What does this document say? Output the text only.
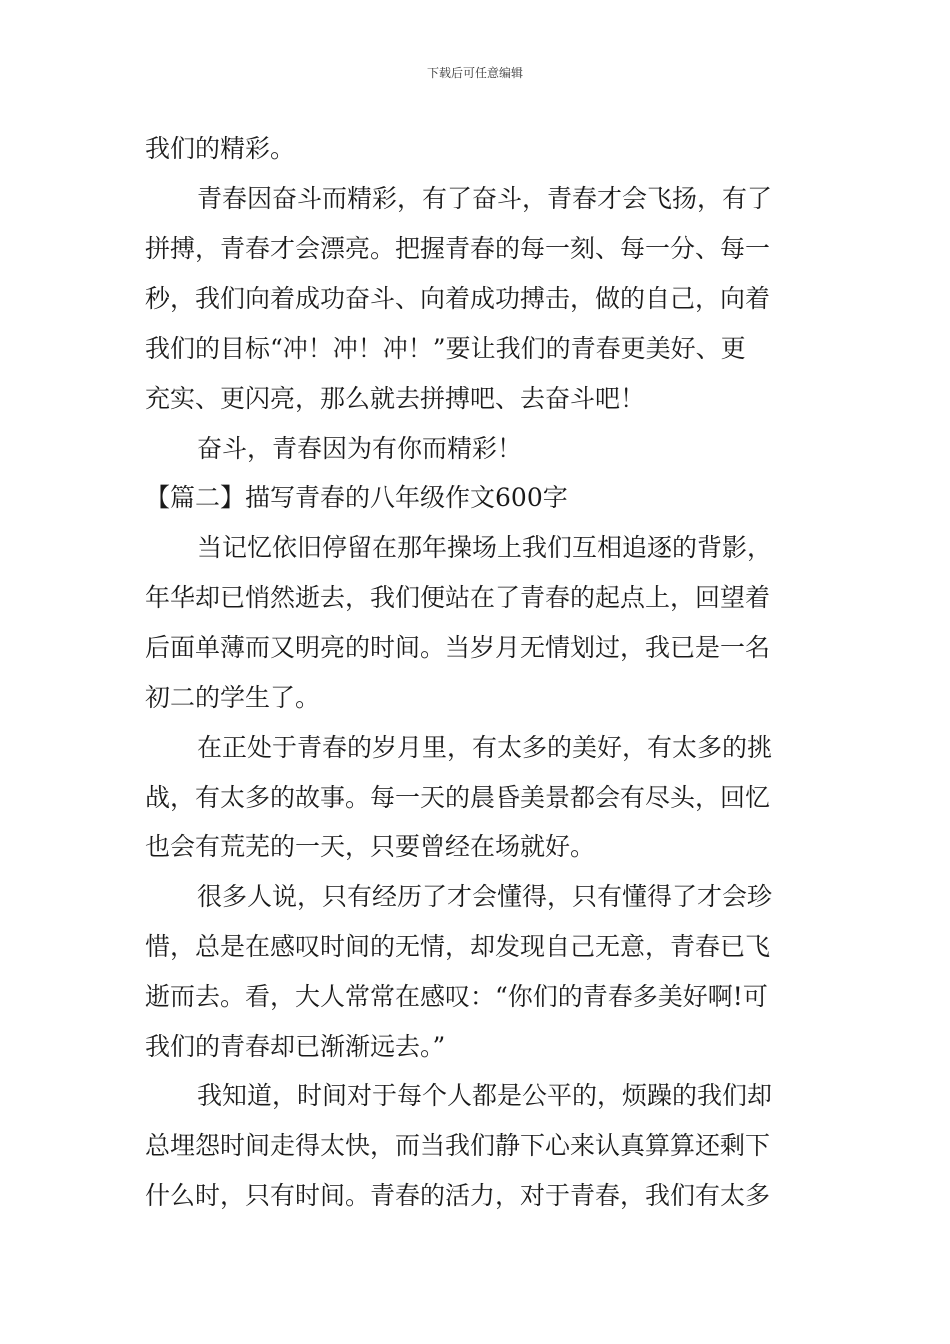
下载后可任意编辑
我们的精彩。
青春因奋斗而精彩，有了奋斗，青春才会飞扬，有了
拼搏，青春才会漂亮。把握青春的每一刻、每一分、每一
秒，我们向着成功奋斗、向着成功搏击，做的自己，向着
我们的目标“冲！冲！冲！”要让我们的青春更美好、更
充实、更闪亮，那么就去拼搏吧、去奋斗吧！
奋斗，青春因为有你而精彩！
【篇二】描写青春的八年级作文600字
当记忆依旧停留在那年操场上我们互相追逐的背影，
年华却已悄然逝去，我们便站在了青春的起点上，回望着
后面单薄而又明亮的时间。当岁月无情划过，我已是一名
初二的学生了。
在正处于青春的岁月里，有太多的美好，有太多的挑
战，有太多的故事。每一天的晨昏美景都会有尽头，回忆
也会有荒芜的一天，只要曾经在场就好。
很多人说，只有经历了才会懂得，只有懂得了才会珍
惜，总是在感叹时间的无情，却发现自己无意，青春已飞
逝而去。看，大人常常在感叹：“你们的青春多美好啊!可
我们的青春却已渐渐远去。”
我知道，时间对于每个人都是公平的，烦躁的我们却
总埋怨时间走得太快，而当我们静下心来认真算算还剩下
什么时，只有时间。青春的活力，对于青春，我们有太多
